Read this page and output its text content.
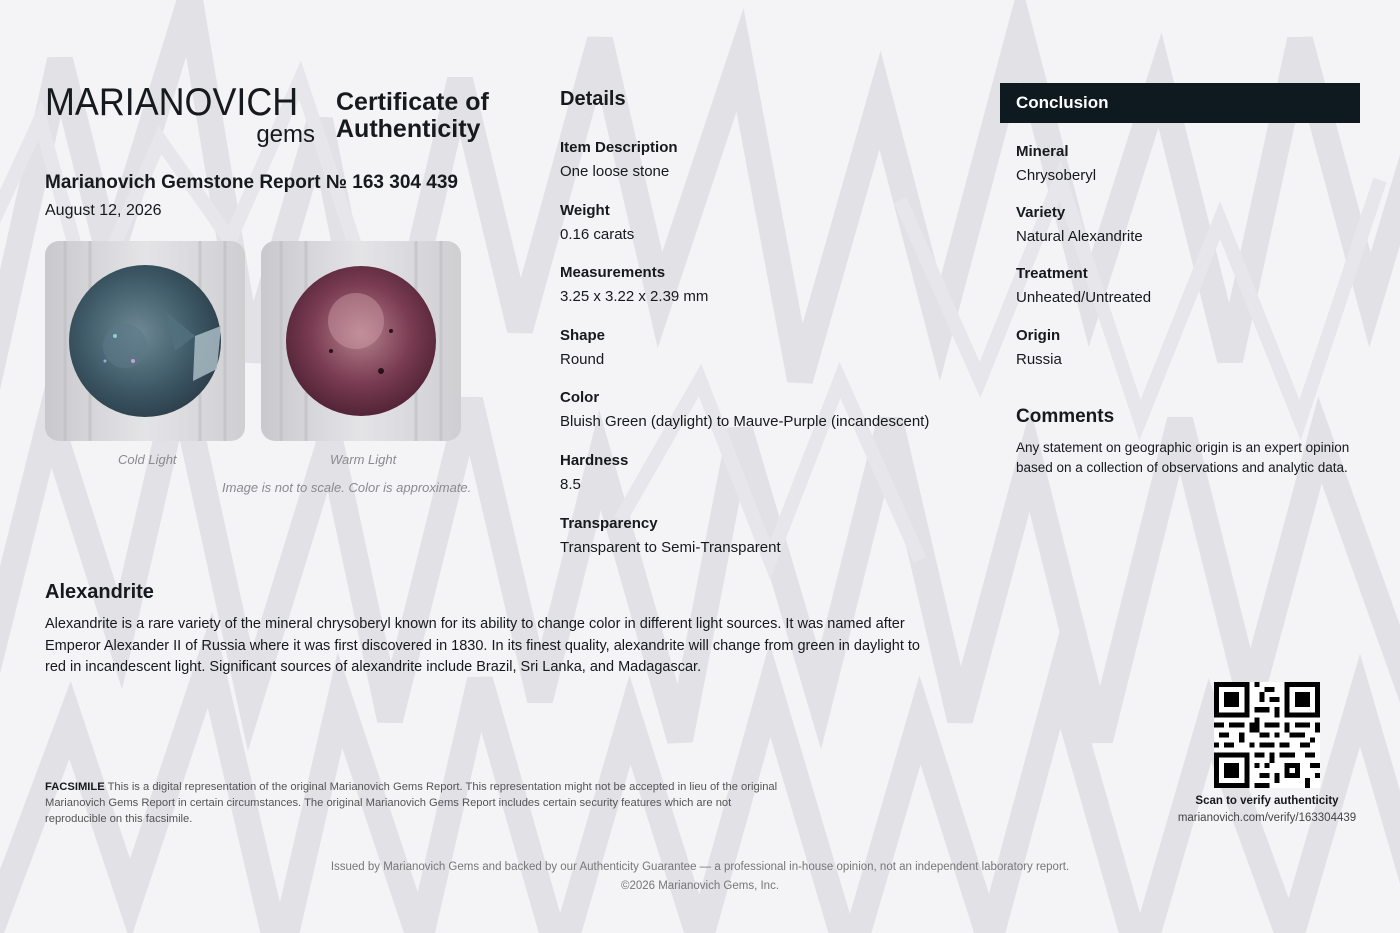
MARIANOVICH
gems
Certificate of
Authenticity
Marianovich Gemstone Report № 163 304 439
August 12, 2026
Cold Light	Warm Light
Image is not to scale. Color is approximate.
Details
Item Description
One loose stone
Weight
0.16 carats
Measurements
3.25 x 3.22 x 2.39 mm
Shape
Round
Color
Bluish Green (daylight) to Mauve-Purple (incandescent)
Hardness
8.5
Transparency
Transparent to Semi-Transparent
Conclusion
Mineral
Chrysoberyl
Variety
Natural Alexandrite
Treatment
Unheated/Untreated
Origin
Russia
Comments
Any statement on geographic origin is an expert opinion based on a collection of observations and analytic data.
Alexandrite
Alexandrite is a rare variety of the mineral chrysoberyl known for its ability to change color in different light sources. It was named after Emperor Alexander II of Russia where it was first discovered in 1830. In its finest quality, alexandrite will change from green in daylight to red in incandescent light. Significant sources of alexandrite include Brazil, Sri Lanka, and Madagascar.
FACSIMILE This is a digital representation of the original Marianovich Gems Report. This representation might not be accepted in lieu of the original Marianovich Gems Report in certain circumstances. The original Marianovich Gems Report includes certain security features which are not reproducible on this facsimile.
Scan to verify authenticity
marianovich.com/verify/163304439
Issued by Marianovich Gems and backed by our Authenticity Guarantee — a professional in-house opinion, not an independent laboratory report.
©2026 Marianovich Gems, Inc.
